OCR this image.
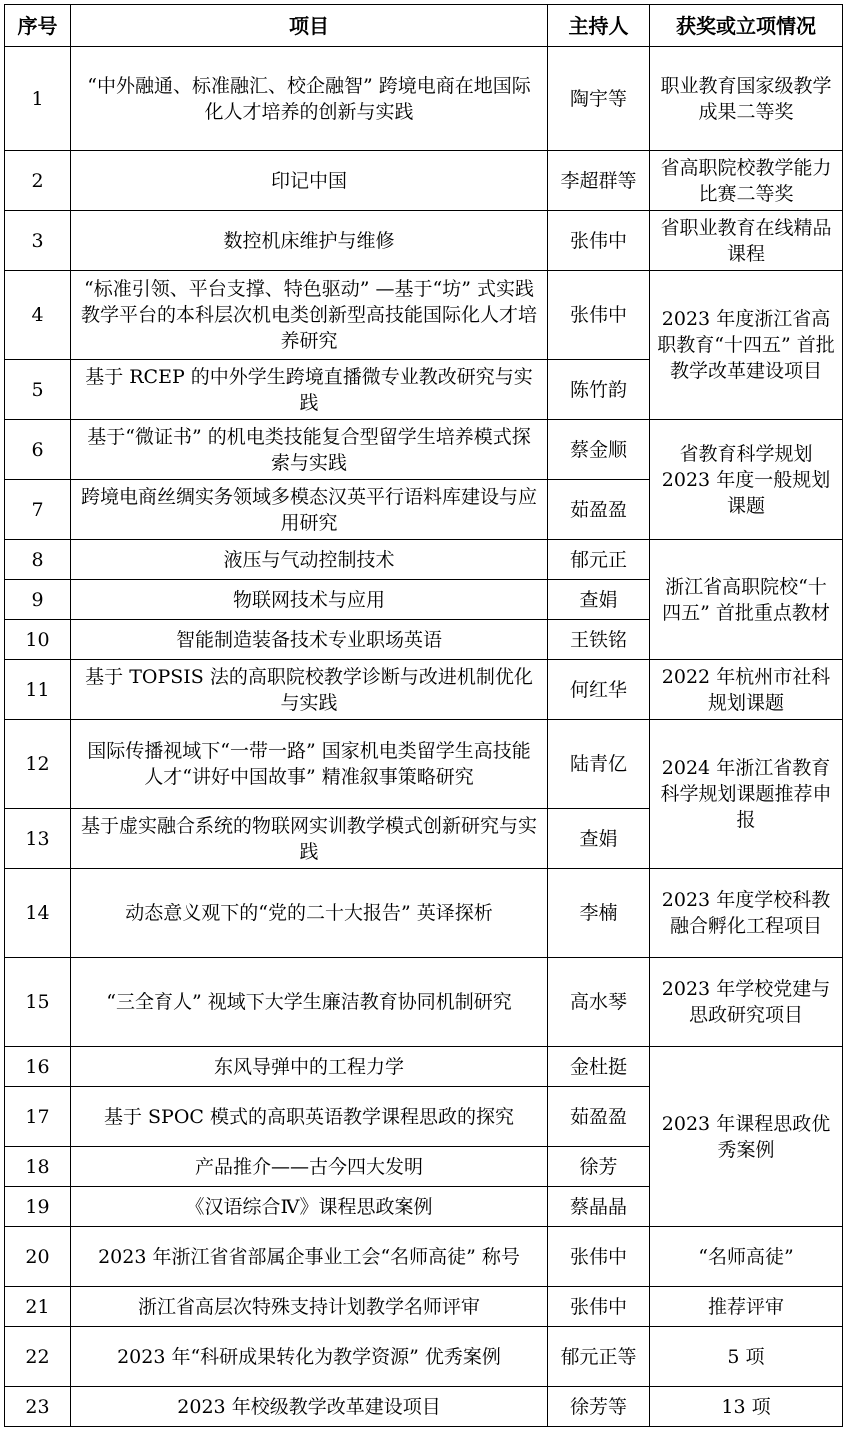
序号	项目	主持人	获奖或立项情况
1	“中外融通、标准融汇、校企融智” 跨境电商在地国际化人才培养的创新与实践	陶宇等	职业教育国家级教学成果二等奖
2	印记中国	李超群等	省高职院校教学能力比赛二等奖
3	数控机床维护与维修	张伟中	省职业教育在线精品课程
4	“标准引领、平台支撑、特色驱动” —基于“坊” 式实践教学平台的本科层次机电类创新型高技能国际化人才培养研究	张伟中	2023 年度浙江省高职教育“十四五” 首批教学改革建设项目
5	基于 RCEP 的中外学生跨境直播微专业教改研究与实践	陈竹韵	
6	基于“微证书” 的机电类技能复合型留学生培养模式探索与实践	蔡金顺	省教育科学规划 2023 年度一般规划课题
7	跨境电商丝绸实务领域多模态汉英平行语料库建设与应用研究	茹盈盈	
8	液压与气动控制技术	郁元正	浙江省高职院校“十四五” 首批重点教材
9	物联网技术与应用	查娟	
10	智能制造装备技术专业职场英语	王铁铭	
11	基于 TOPSIS 法的高职院校教学诊断与改进机制优化与实践	何红华	2022 年杭州市社科规划课题
12	国际传播视域下“一带一路” 国家机电类留学生高技能人才“讲好中国故事” 精准叙事策略研究	陆青亿	2024 年浙江省教育科学规划课题推荐申报
13	基于虚实融合系统的物联网实训教学模式创新研究与实践	查娟	
14	动态意义观下的“党的二十大报告” 英译探析	李楠	2023 年度学校科教融合孵化工程项目
15	“三全育人” 视域下大学生廉洁教育协同机制研究	高水琴	2023 年学校党建与思政研究项目
16	东风导弹中的工程力学	金杜挺	2023 年课程思政优秀案例
17	基于 SPOC 模式的高职英语教学课程思政的探究	茹盈盈	
18	产品推介——古今四大发明	徐芳	
19	《汉语综合Ⅳ》课程思政案例	蔡晶晶	
20	2023 年浙江省省部属企事业工会“名师高徒” 称号	张伟中	“名师高徒”
21	浙江省高层次特殊支持计划教学名师评审	张伟中	推荐评审
22	2023 年“科研成果转化为教学资源” 优秀案例	郁元正等	5 项
23	2023 年校级教学改革建设项目	徐芳等	13 项
